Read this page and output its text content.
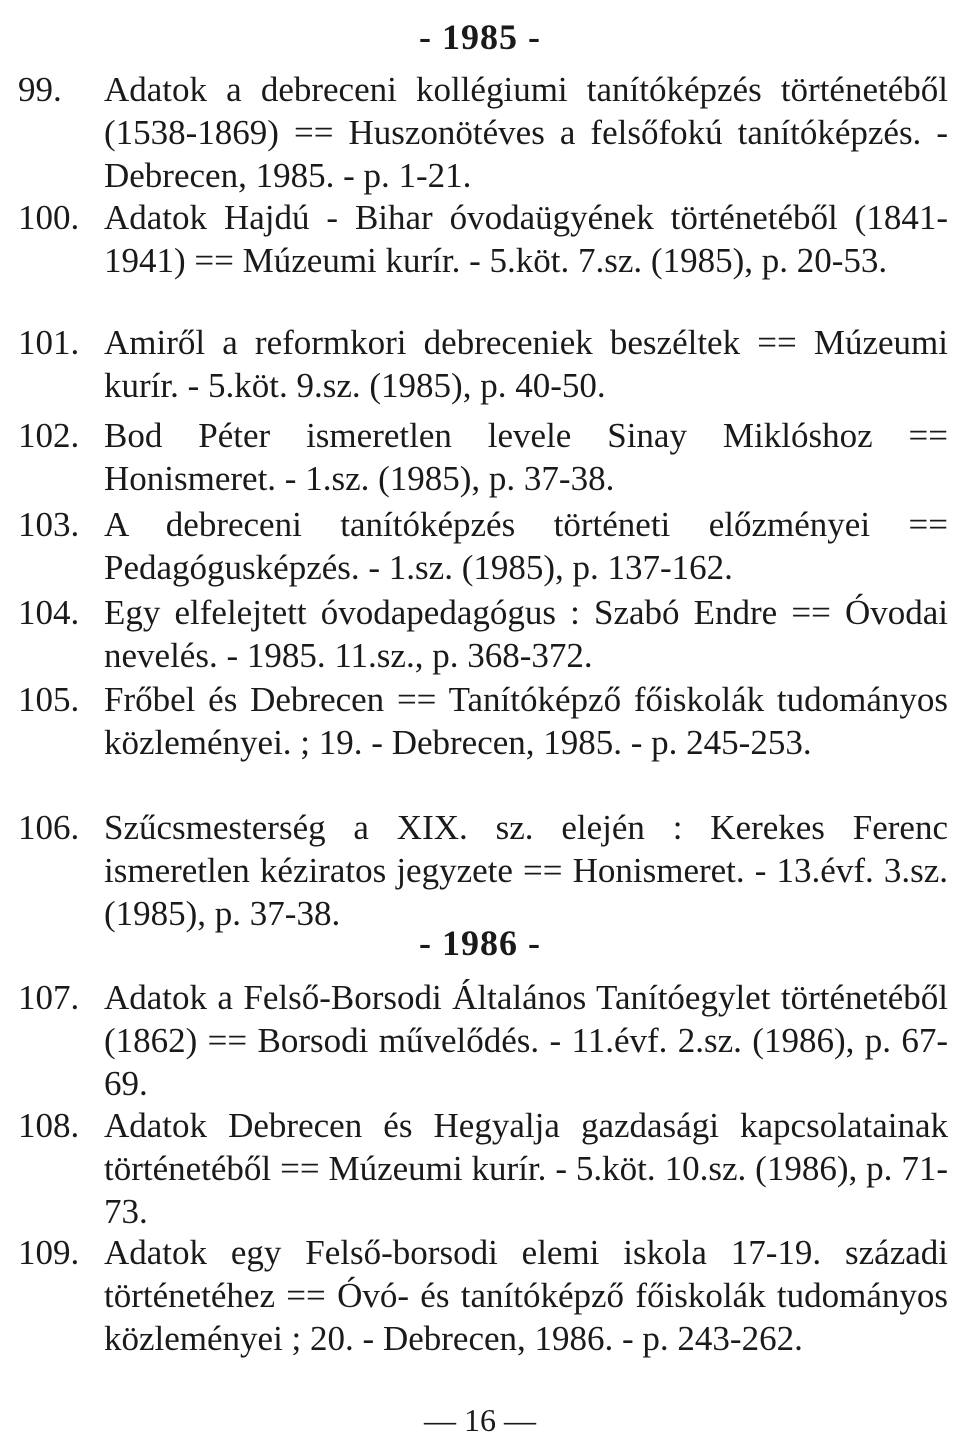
- 1985 -
99.	Adatok a debreceni kollégiumi tanítóképzés történetéből (1538-1869) == Huszonötéves a felsőfokú tanítóképzés. - Debrecen, 1985. - p. 1-21.
100. Adatok Hajdú - Bihar óvodaügyének történetéből (1841-1941) == Múzeumi kurír. - 5.köt. 7.sz. (1985), p. 20-53.
101. Amiről a reformkori debreceniek beszéltek == Múzeumi kurír. - 5.köt. 9.sz. (1985), p. 40-50.
102. Bod Péter ismeretlen levele Sinay Miklóshoz == Honismeret. - 1.sz. (1985), p. 37-38.
103. A debreceni tanítóképzés történeti előzményei == Pedagógusképzés. - 1.sz. (1985), p. 137-162.
104. Egy elfelejtett óvodapedagógus : Szabó Endre == Óvodai nevelés. - 1985. 11.sz., p. 368-372.
105. Frőbel és Debrecen == Tanítóképző főiskolák tudományos közleményei. ; 19. - Debrecen, 1985. - p. 245-253.
106. Szűcsmesterség a XIX. sz. elején : Kerekes Ferenc ismeretlen kéziratos jegyzete == Honismeret. - 13.évf. 3.sz. (1985), p. 37-38.
- 1986 -
107. Adatok a Felső-Borsodi Általános Tanítóegylet történetéből (1862) == Borsodi művelődés. - 11.évf. 2.sz. (1986), p. 67-69.
108. Adatok Debrecen és Hegyalja gazdasági kapcsolatainak történetéből == Múzeumi kurír. - 5.köt. 10.sz. (1986), p. 71-73.
109. Adatok egy Felső-borsodi elemi iskola 17-19. századi történetéhez == Óvó- és tanítóképző főiskolák tudományos közleményei ; 20. - Debrecen, 1986. - p. 243-262.
— 16 —
